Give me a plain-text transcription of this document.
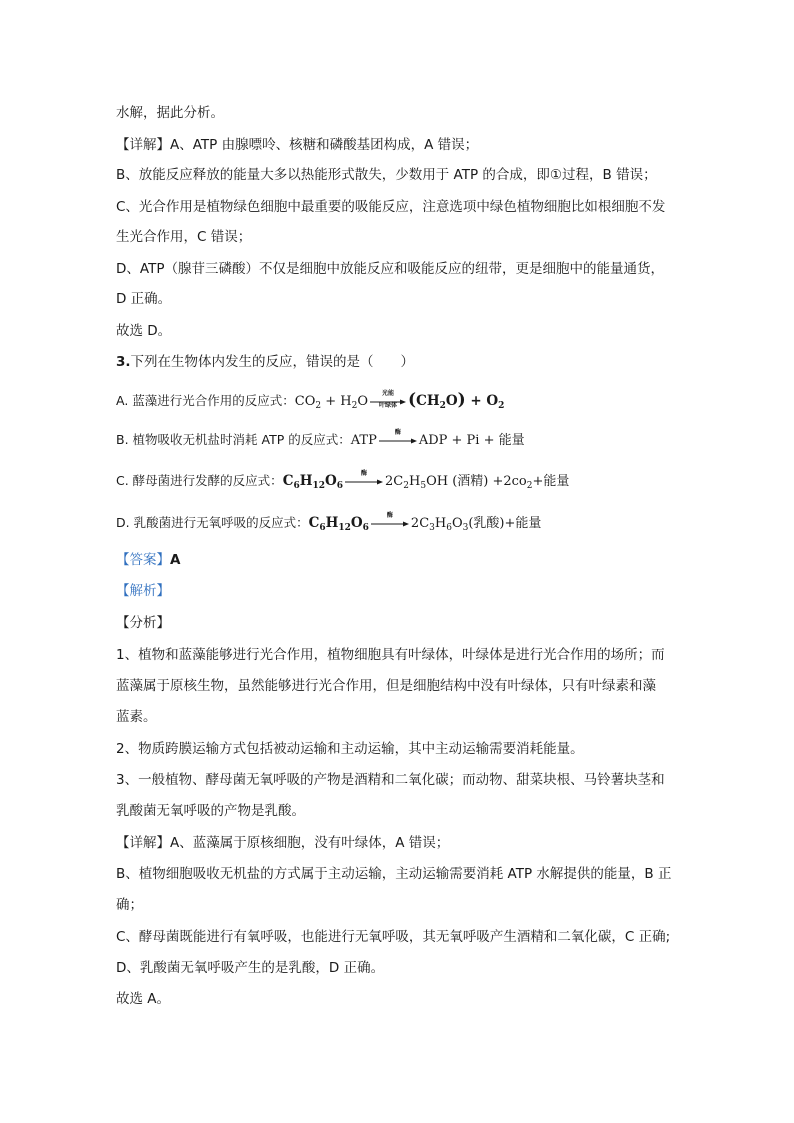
水解，据此分析。
【详解】A、ATP 由腺嘌呤、核糖和磷酸基团构成，A 错误；
B、放能反应释放的能量大多以热能形式散失，少数用于 ATP 的合成，即①过程，B 错误；
C、光合作用是植物绿色细胞中最重要的吸能反应，注意选项中绿色植物细胞比如根细胞不发
生光合作用，C 错误；
D、ATP（腺苷三磷酸）不仅是细胞中放能反应和吸能反应的纽带，更是细胞中的能量通货，
D 正确。
故选 D。
3.下列在生物体内发生的反应，错误的是（　　）
A. 蓝藻进行光合作用的反应式：$CO_2 + H_2O$
光能
叶绿体 $(CH_2O) + O_2$
B. 植物吸收无机盐时消耗 ATP 的反应式：ATP
酶
ADP + Pi + 能量
C. 酵母菌进行发酵的反应式：$C_6H_{12}O_6$
酶
$2C_2H_5OH$ (酒精) $+2co_2+$能量
D. 乳酸菌进行无氧呼吸的反应式：$C_6H_{12}O_6$
酶
$2C_3H_6O_3$(乳酸)+能量
【答案】A
【解析】
【分析】
1、植物和蓝藻能够进行光合作用，植物细胞具有叶绿体，叶绿体是进行光合作用的场所；而
蓝藻属于原核生物，虽然能够进行光合作用，但是细胞结构中没有叶绿体，只有叶绿素和藻
蓝素。
2、物质跨膜运输方式包括被动运输和主动运输，其中主动运输需要消耗能量。
3、一般植物、酵母菌无氧呼吸的产物是酒精和二氧化碳；而动物、甜菜块根、马铃薯块茎和
乳酸菌无氧呼吸的产物是乳酸。
【详解】A、蓝藻属于原核细胞，没有叶绿体，A 错误；
B、植物细胞吸收无机盐的方式属于主动运输，主动运输需要消耗 ATP 水解提供的能量，B 正
确；
C、酵母菌既能进行有氧呼吸，也能进行无氧呼吸，其无氧呼吸产生酒精和二氧化碳，C 正确;
D、乳酸菌无氧呼吸产生的是乳酸，D 正确。
故选 A。
